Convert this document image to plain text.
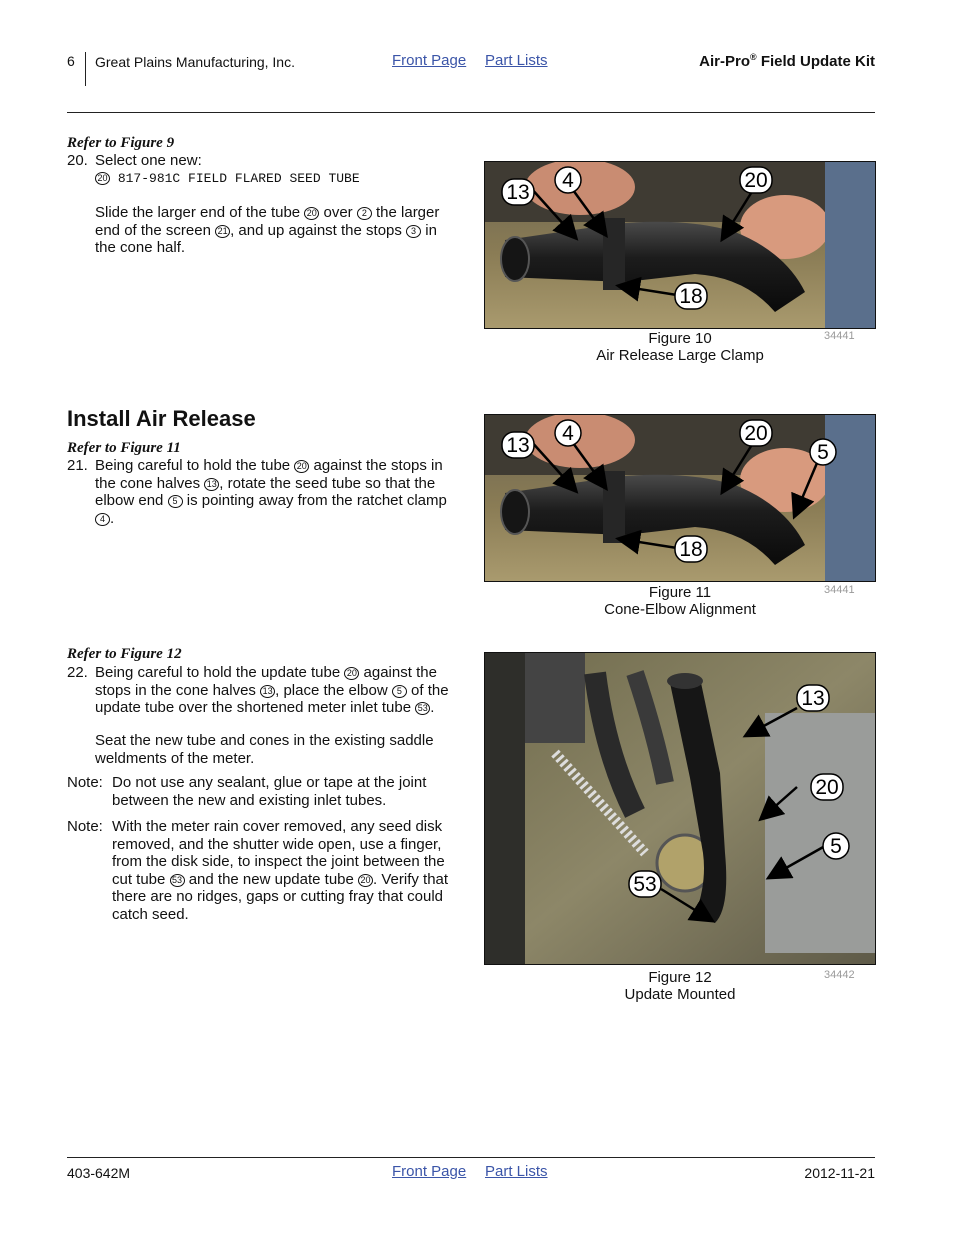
6 Great Plains Manufacturing, Inc.	Front Page Part Lists	Air-Pro® Field Update Kit
Refer to Figure 9
20. Select one new:
20 817-981C FIELD FLARED SEED TUBE
Slide the larger end of the tube 20 over 2 the larger end of the screen 21 , and up against the stops 3 in the cone half.
Install Air Release
Refer to Figure 11
21. Being careful to hold the tube 20 against the stops in the cone halves 13 , rotate the seed tube so that the elbow end 5 is pointing away from the ratchet clamp 4 .
Refer to Figure 12
22. Being careful to hold the update tube 20 against the stops in the cone halves 13 , place the elbow 5 of the update tube over the shortened meter inlet tube 53 .
Seat the new tube and cones in the existing saddle weldments of the meter.
Note: Do not use any sealant, glue or tape at the joint between the new and existing inlet tubes.
Note: With the meter rain cover removed, any seed disk removed, and the shutter wide open, use a finger, from the disk side, to inspect the joint between the cut tube 53 and the new update tube 20 . Verify that there are no ridges, gaps or cutting fray that could catch seed.
13
4	20
18
Figure 10
Air Release Large Clamp
34441
13
4	20
5
18
Figure 11
Cone-Elbow Alignment
34441
13
20
5
53
Figure 12
Update Mounted
34442
403-642M	Front Page Part Lists	2012-11-21
